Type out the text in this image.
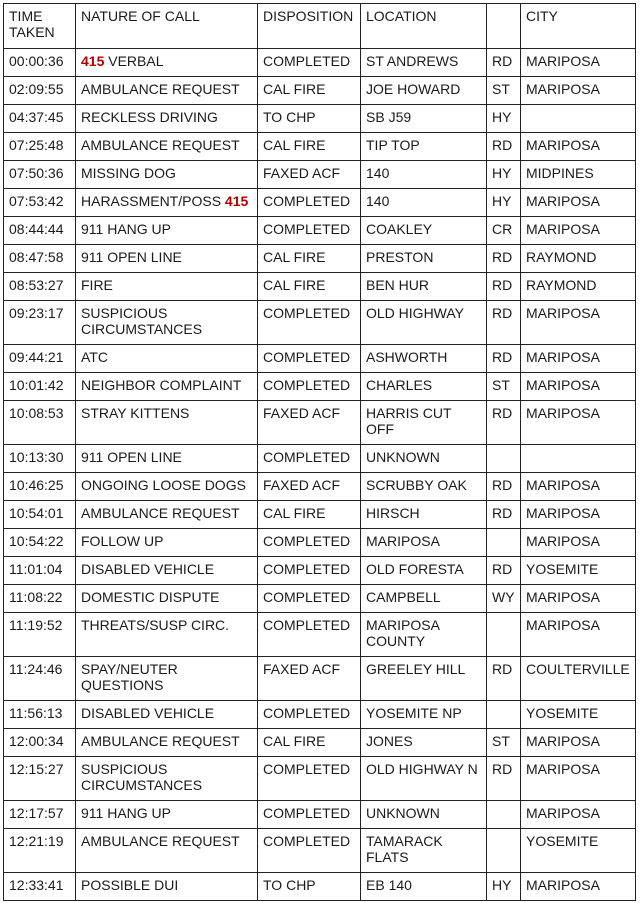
TIME TAKEN	NATURE OF CALL	DISPOSITION	LOCATION		CITY
00:00:36	415 VERBAL	COMPLETED	ST ANDREWS	RD	MARIPOSA
02:09:55	AMBULANCE REQUEST	CAL FIRE	JOE HOWARD	ST	MARIPOSA
04:37:45	RECKLESS DRIVING	TO CHP	SB J59	HY	
07:25:48	AMBULANCE REQUEST	CAL FIRE	TIP TOP	RD	MARIPOSA
07:50:36	MISSING DOG	FAXED ACF	140	HY	MIDPINES
07:53:42	HARASSMENT/POSS 415	COMPLETED	140	HY	MARIPOSA
08:44:44	911 HANG UP	COMPLETED	COAKLEY	CR	MARIPOSA
08:47:58	911 OPEN LINE	CAL FIRE	PRESTON	RD	RAYMOND
08:53:27	FIRE	CAL FIRE	BEN HUR	RD	RAYMOND
09:23:17	SUSPICIOUS CIRCUMSTANCES	COMPLETED	OLD HIGHWAY	RD	MARIPOSA
09:44:21	ATC	COMPLETED	ASHWORTH	RD	MARIPOSA
10:01:42	NEIGHBOR COMPLAINT	COMPLETED	CHARLES	ST	MARIPOSA
10:08:53	STRAY KITTENS	FAXED ACF	HARRIS CUT OFF	RD	MARIPOSA
10:13:30	911 OPEN LINE	COMPLETED	UNKNOWN		
10:46:25	ONGOING LOOSE DOGS	FAXED ACF	SCRUBBY OAK	RD	MARIPOSA
10:54:01	AMBULANCE REQUEST	CAL FIRE	HIRSCH	RD	MARIPOSA
10:54:22	FOLLOW UP	COMPLETED	MARIPOSA		MARIPOSA
11:01:04	DISABLED VEHICLE	COMPLETED	OLD FORESTA	RD	YOSEMITE
11:08:22	DOMESTIC DISPUTE	COMPLETED	CAMPBELL	WY	MARIPOSA
11:19:52	THREATS/SUSP CIRC.	COMPLETED	MARIPOSA COUNTY		MARIPOSA
11:24:46	SPAY/NEUTER QUESTIONS	FAXED ACF	GREELEY HILL	RD	COULTERVILLE
11:56:13	DISABLED VEHICLE	COMPLETED	YOSEMITE NP		YOSEMITE
12:00:34	AMBULANCE REQUEST	CAL FIRE	JONES	ST	MARIPOSA
12:15:27	SUSPICIOUS CIRCUMSTANCES	COMPLETED	OLD HIGHWAY N	RD	MARIPOSA
12:17:57	911 HANG UP	COMPLETED	UNKNOWN		MARIPOSA
12:21:19	AMBULANCE REQUEST	COMPLETED	TAMARACK FLATS		YOSEMITE
12:33:41	POSSIBLE DUI	TO CHP	EB 140	HY	MARIPOSA
